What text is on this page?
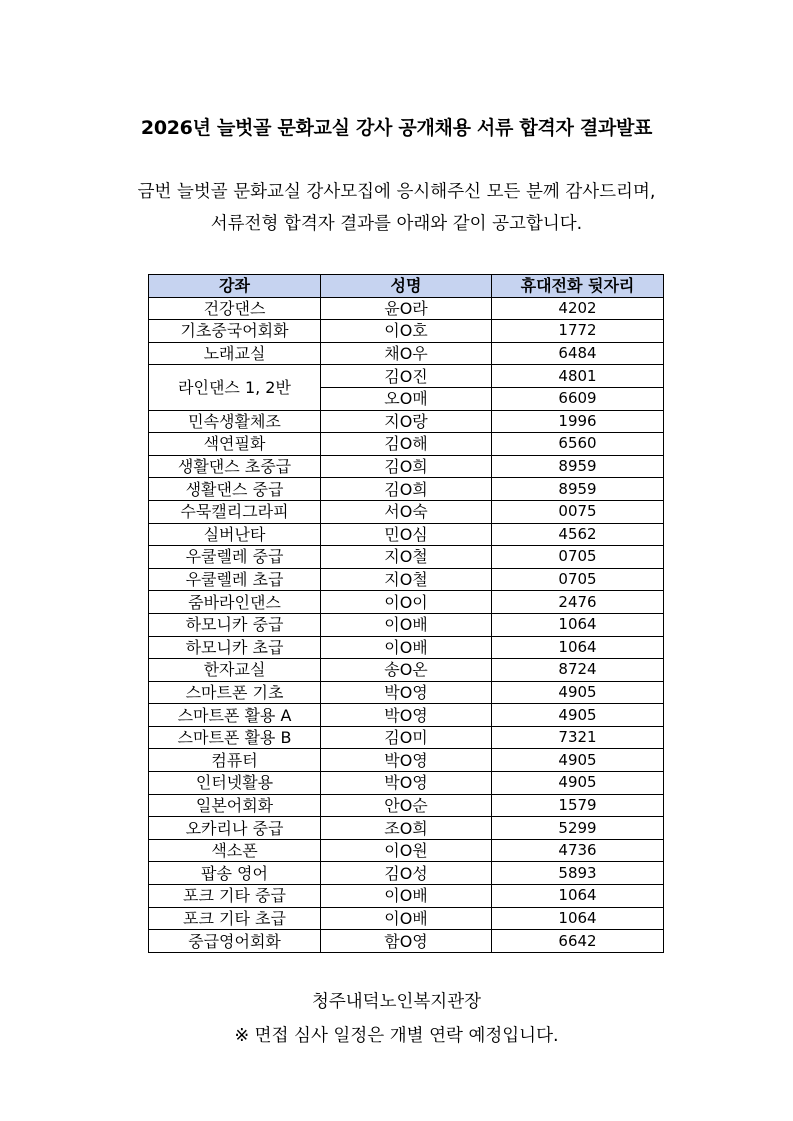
2026년 늘벗골 문화교실 강사 공개채용 서류 합격자 결과발표
금번 늘벗골 문화교실 강사모집에 응시해주신 모든 분께 감사드리며,
서류전형 합격자 결과를 아래와 같이 공고합니다.
강좌	성명	휴대전화 뒷자리
건강댄스	윤O라	4202
기초중국어회화	이O호	1772
노래교실	채O우	6484
라인댄스 1, 2반	김O진	4801
	오O매	6609
민속생활체조	지O랑	1996
색연필화	김O해	6560
생활댄스 초중급	김O희	8959
생활댄스 중급	김O희	8959
수묵캘리그라피	서O숙	0075
실버난타	민O심	4562
우쿨렐레 중급	지O철	0705
우쿨렐레 초급	지O철	0705
줌바라인댄스	이O이	2476
하모니카 중급	이O배	1064
하모니카 초급	이O배	1064
한자교실	송O온	8724
스마트폰 기초	박O영	4905
스마트폰 활용 A	박O영	4905
스마트폰 활용 B	김O미	7321
컴퓨터	박O영	4905
인터넷활용	박O영	4905
일본어회화	안O순	1579
오카리나 중급	조O희	5299
색소폰	이O원	4736
팝송 영어	김O성	5893
포크 기타 중급	이O배	1064
포크 기타 초급	이O배	1064
중급영어회화	함O영	6642
청주내덕노인복지관장
※ 면접 심사 일정은 개별 연락 예정입니다.
